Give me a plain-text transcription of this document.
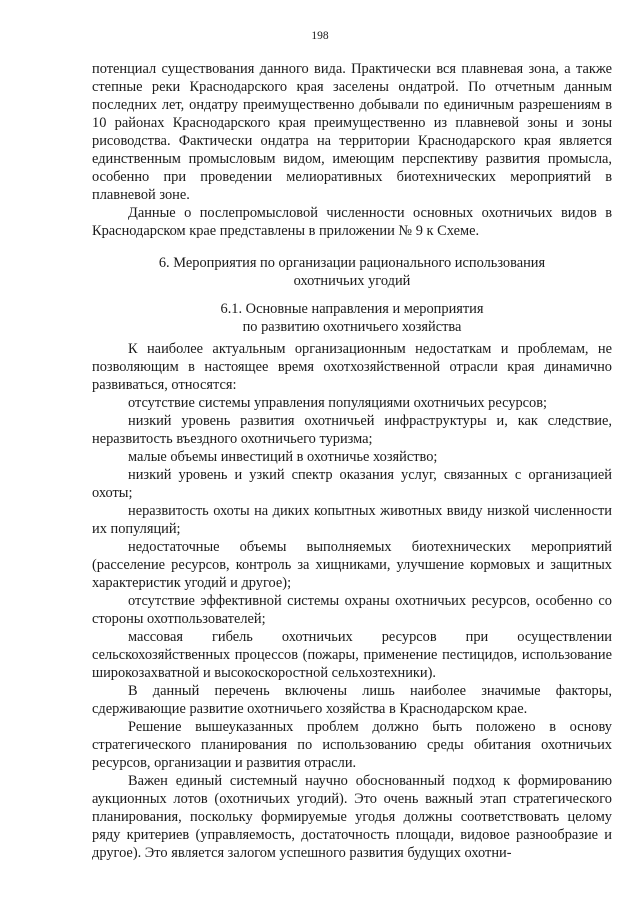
198

потенциал существования данного вида. Практически вся плавневая зона, а также степные реки Краснодарского края заселены ондатрой. По отчетным данным последних лет, ондатру преимущественно добывали по единичным разрешениям в 10 районах Краснодарского края преимущественно из плавневой зоны и зоны рисоводства. Фактически ондатра на территории Краснодарского края является единственным промысловым видом, имеющим перспективу развития промысла, особенно при проведении мелиоративных биотехнических мероприятий в плавневой зоне.

Данные о послепромысловой численности основных охотничьих видов в Краснодарском крае представлены в приложении № 9 к Схеме.

6. Мероприятия по организации рационального использования
охотничьих угодий
6.1. Основные направления и мероприятия
по развитию охотничьего хозяйства

К наиболее актуальным организационным недостаткам и проблемам, не позволяющим в настоящее время охотхозяйственной отрасли края динамично развиваться, относятся:

отсутствие системы управления популяциями охотничьих ресурсов;

низкий уровень развития охотничьей инфраструктуры и, как следствие, неразвитость въездного охотничьего туризма;

малые объемы инвестиций в охотничье хозяйство;

низкий уровень и узкий спектр оказания услуг, связанных с организацией охоты;

неразвитость охоты на диких копытных животных ввиду низкой численности их популяций;

недостаточные объемы выполняемых биотехнических мероприятий (расселение ресурсов, контроль за хищниками, улучшение кормовых и защитных характеристик угодий и другое);

отсутствие эффективной системы охраны охотничьих ресурсов, особенно со стороны охотпользователей;

массовая гибель охотничьих ресурсов при осуществлении сельскохозяйственных процессов (пожары, применение пестицидов, использование широкозахватной и высокоскоростной сельхозтехники).

В данный перечень включены лишь наиболее значимые факторы, сдерживающие развитие охотничьего хозяйства в Краснодарском крае.

Решение вышеуказанных проблем должно быть положено в основу стратегического планирования по использованию среды обитания охотничьих ресурсов, организации и развития отрасли.

Важен единый системный научно обоснованный подход к формированию аукционных лотов (охотничьих угодий). Это очень важный этап стратегического планирования, поскольку формируемые угодья должны соответствовать целому ряду критериев (управляемость, достаточность площади, видовое разнообразие и другое). Это является залогом успешного развития будущих охотни-
